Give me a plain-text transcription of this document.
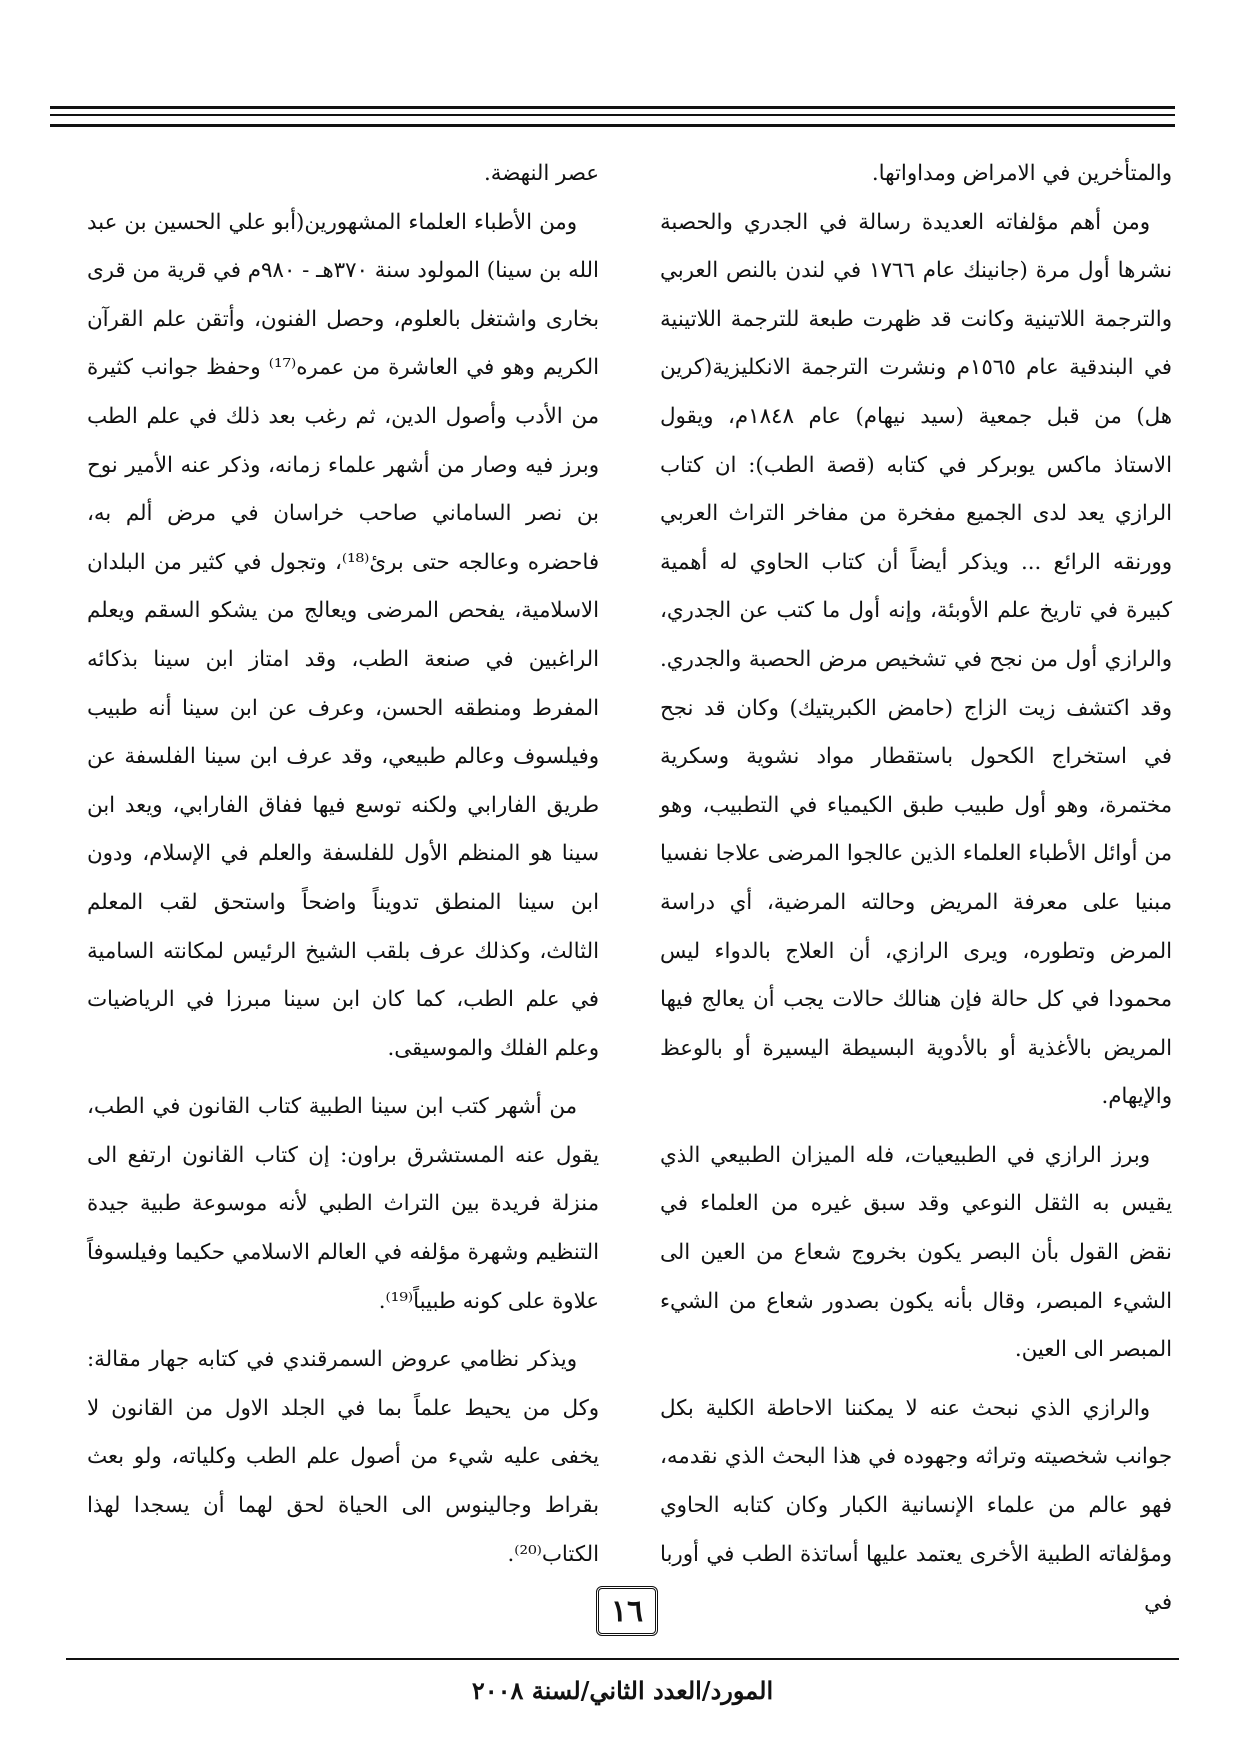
والمتأخرين في الامراض ومداواتها.

ومن أهم مؤلفاته العديدة رسالة في الجدري والحصبة نشرها أول مرة (جانينك عام ١٧٦٦ في لندن بالنص العربي والترجمة اللاتينية وكانت قد ظهرت طبعة للترجمة اللاتينية في البندقية عام ١٥٦٥م ونشرت الترجمة الانكليزية(كرين هل) من قبل جمعية (سيد نيهام) عام ١٨٤٨م، ويقول الاستاذ ماكس يوبركر في كتابه (قصة الطب): ان كتاب الرازي يعد لدى الجميع مفخرة من مفاخر التراث العربي وورنقه الرائع ... ويذكر أيضاً أن كتاب الحاوي له أهمية كبيرة في تاريخ علم الأوبئة، وإنه أول ما كتب عن الجدري، والرازي أول من نجح في تشخيص مرض الحصبة والجدري. وقد اكتشف زيت الزاج (حامض الكبريتيك) وكان قد نجح في استخراج الكحول باستقطار مواد نشوية وسكرية مختمرة، وهو أول طبيب طبق الكيمياء في التطبيب، وهو من أوائل الأطباء العلماء الذين عالجوا المرضى علاجا نفسيا مبنيا على معرفة المريض وحالته المرضية، أي دراسة المرض وتطوره، ويرى الرازي، أن العلاج بالدواء ليس محمودا في كل حالة فإن هنالك حالات يجب أن يعالج فيها المريض بالأغذية أو بالأدوية البسيطة اليسيرة أو بالوعظ والإيهام.

وبرز الرازي في الطبيعيات، فله الميزان الطبيعي الذي يقيس به الثقل النوعي وقد سبق غيره من العلماء في نقض القول بأن البصر يكون بخروج شعاع من العين الى الشيء المبصر، وقال بأنه يكون بصدور شعاع من الشيء المبصر الى العين.

والرازي الذي نبحث عنه لا يمكننا الاحاطة الكلية بكل جوانب شخصيته وتراثه وجهوده في هذا البحث الذي نقدمه، فهو عالم من علماء الإنسانية الكبار وكان كتابه الحاوي ومؤلفاته الطبية الأخرى يعتمد عليها أساتذة الطب في أوربا في

عصر النهضة.

ومن الأطباء العلماء المشهورين(أبو علي الحسين بن عبد الله بن سينا) المولود سنة ٣٧٠هـ - ٩٨٠م في قرية من قرى بخارى واشتغل بالعلوم، وحصل الفنون، وأتقن علم القرآن الكريم وهو في العاشرة من عمره⁽¹⁷⁾ وحفظ جوانب كثيرة من الأدب وأصول الدين، ثم رغب بعد ذلك في علم الطب وبرز فيه وصار من أشهر علماء زمانه، وذكر عنه الأمير نوح بن نصر الساماني صاحب خراسان في مرض ألم به، فاحضره وعالجه حتى برئ⁽¹⁸⁾، وتجول في كثير من البلدان الاسلامية، يفحص المرضى ويعالج من يشكو السقم ويعلم الراغبين في صنعة الطب، وقد امتاز ابن سينا بذكائه المفرط ومنطقه الحسن، وعرف عن ابن سينا أنه طبيب وفيلسوف وعالم طبيعي، وقد عرف ابن سينا الفلسفة عن طريق الفارابي ولكنه توسع فيها ففاق الفارابي، ويعد ابن سينا هو المنظم الأول للفلسفة والعلم في الإسلام، ودون ابن سينا المنطق تدويناً واضحاً واستحق لقب المعلم الثالث، وكذلك عرف بلقب الشيخ الرئيس لمكانته السامية في علم الطب، كما كان ابن سينا مبرزا في الرياضيات وعلم الفلك والموسيقى.

من أشهر كتب ابن سينا الطبية كتاب القانون في الطب، يقول عنه المستشرق براون: إن كتاب القانون ارتفع الى منزلة فريدة بين التراث الطبي لأنه موسوعة طبية جيدة التنظيم وشهرة مؤلفه في العالم الاسلامي حكيما وفيلسوفاً علاوة على كونه طبيباً⁽¹⁹⁾.

ويذكر نظامي عروض السمرقندي في كتابه جهار مقالة: وكل من يحيط علماً بما في الجلد الاول من القانون لا يخفى عليه شيء من أصول علم الطب وكلياته، ولو بعث بقراط وجالينوس الى الحياة لحق لهما أن يسجدا لهذا الكتاب⁽²⁰⁾.

١٦
المورد/العدد الثاني/لسنة ٢٠٠٨
